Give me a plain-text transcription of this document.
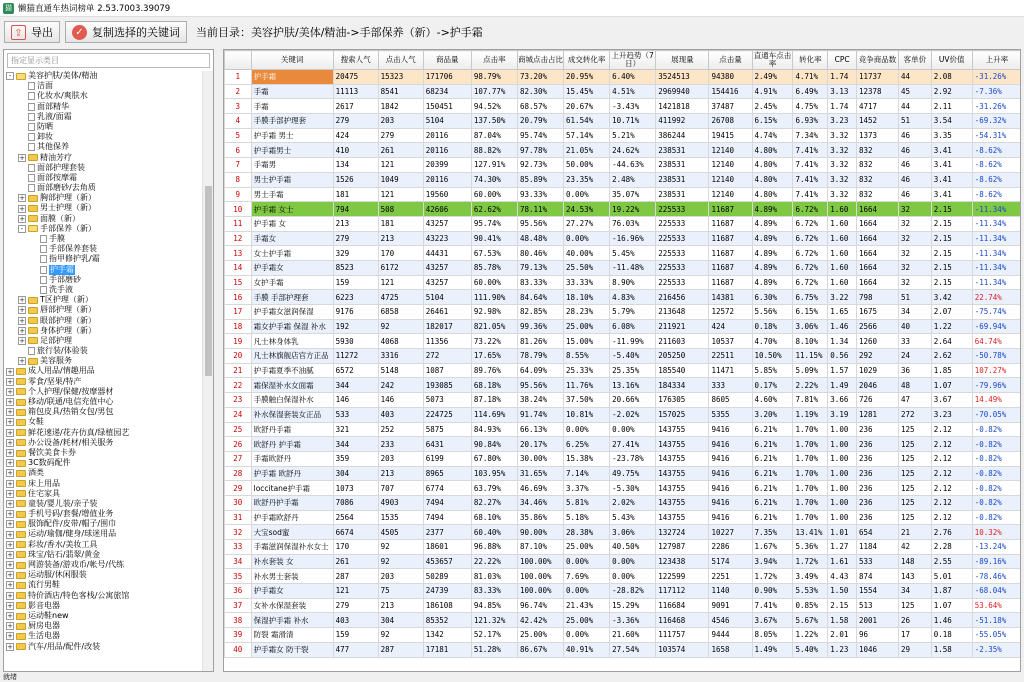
猫 懒猫直通车热词榜单 2.53.7003.39079
⇪ 导出	✓ 复制选择的关键词 当前目录：美容护肤/美体/精油->手部保养（新）->护手霜
指定显示类目
-	美容护肤/美体/精油
洁面
化妆水/爽肤水
面部精华
乳液/面霜
防晒
卸妆
其他保养
+ 精油芳疗
面部护理套装
面部按摩霜
面部磨砂/去角质
+ 胸部护理（新）
+ 男士护理（新）
+ 面膜（新）
-	手部保养（新）
手膜
手部保养套装
指甲修护乳/霜
护手霜
手部磨砂
洗手液
+ T区护理（新）
+ 唇部护理（新）
+ 眼部护理（新）
+ 身体护理（新）
+ 足部护理
旅行装/体验装
+ 美容服务
+ 成人用品/情趣用品
+ 零食/坚果/特产
+ 个人护理/保健/按摩器材
+ 移动/联通/电信充值中心
+ 箱包皮具/热销女包/男包
+ 女鞋
+ 鲜花速递/花卉仿真/绿植园艺
+ 办公设备/耗材/相关服务
+ 餐饮美食卡券
+ 3C数码配件
+ 酒类
+ 床上用品
+ 住宅家具
+ 童装/婴儿装/亲子装
+ 手机号码/套餐/增值业务
+ 服饰配件/皮带/帽子/围巾
+ 运动/瑜伽/健身/球迷用品
+ 彩妆/香水/美妆工具
+ 珠宝/钻石/翡翠/黄金
+ 网游装备/游戏币/帐号/代练
+ 运动服/休闲服装
+ 流行男鞋
+ 特价酒店/特色客栈/公寓旅馆
+ 影音电器
+ 运动鞋new
+ 厨房电器
+ 生活电器
+ 汽车/用品/配件/改装
	关键词	搜索人气	点击人气	商品量	点击率	商城点击占比	成交转化率	上升趋势（7日）	展现量	点击量	直通车点击率	转化率	CPC	竞争商品数	客单价	UV价值	上升率
1	护手霜	20475	15323	171706	98.79%	73.20%	20.95%	6.40%	3524513	94380	2.49%	4.71%	1.74	11737	44	2.08	-31.26%
2	手霜	11113	8541	68234	107.77%	82.30%	15.45%	4.51%	2969940	154416	4.91%	6.49%	3.13	12378	45	2.92	-7.36%
3	手霜	2617	1842	150451	94.52%	68.57%	20.67%	-3.43%	1421818	37487	2.45%	4.75%	1.74	4717	44	2.11	-31.26%
4	手膜手部护理套	279	203	5104	137.50%	20.79%	61.54%	10.71%	411992	26708	6.15%	6.93%	3.23	1452	51	3.54	-69.32%
5	护手霜 男士	424	279	20116	87.04%	95.74%	57.14%	5.21%	386244	19415	4.74%	7.34%	3.32	1373	46	3.35	-54.31%
6	护手霜男士	410	261	20116	88.82%	97.78%	21.05%	24.62%	238531	12140	4.80%	7.41%	3.32	832	46	3.41	-8.62%
7	手霜男	134	121	20399	127.91%	92.73%	50.00%	-44.63%	238531	12140	4.80%	7.41%	3.32	832	46	3.41	-8.62%
8	男士护手霜	1526	1049	20116	74.30%	85.89%	23.35%	2.48%	238531	12140	4.80%	7.41%	3.32	832	46	3.41	-8.62%
9	男士手霜	181	121	19560	60.00%	93.33%	0.00%	35.07%	238531	12140	4.80%	7.41%	3.32	832	46	3.41	-8.62%
10	护手霜 女士	794	508	42606	62.62%	78.11%	24.53%	19.22%	225533	11687	4.89%	6.72%	1.60	1664	32	2.15	-11.34%
11	护手霜 女	213	181	43257	95.74%	95.56%	27.27%	76.03%	225533	11687	4.89%	6.72%	1.60	1664	32	2.15	-11.34%
12	手霜女	279	213	43223	90.41%	48.48%	0.00%	-16.96%	225533	11687	4.89%	6.72%	1.60	1664	32	2.15	-11.34%
13	女士护手霜	329	170	44431	67.53%	80.46%	40.00%	5.45%	225533	11687	4.89%	6.72%	1.60	1664	32	2.15	-11.34%
14	护手霜女	8523	6172	43257	85.78%	79.13%	25.50%	-11.48%	225533	11687	4.89%	6.72%	1.60	1664	32	2.15	-11.34%
15	女护手霜	159	121	43257	60.00%	83.33%	33.33%	8.90%	225533	11687	4.89%	6.72%	1.60	1664	32	2.15	-11.34%
16	手膜 手部护理套	6223	4725	5104	111.90%	84.64%	18.10%	4.83%	216456	14381	6.30%	6.75%	3.22	798	51	3.42	22.74%
17	护手霜女滋润保湿	9176	6858	26461	92.98%	82.85%	28.23%	5.79%	213648	12572	5.56%	6.15%	1.65	1675	34	2.07	-75.74%
18	霜女护手霜 保湿 补水	192	92	182017	821.05%	99.36%	25.00%	6.08%	211921	424	0.18%	3.06%	1.46	2566	40	1.22	-69.94%
19	凡士林身体乳	5930	4068	11356	73.22%	81.26%	15.00%	-11.99%	211603	10537	4.70%	8.10%	1.34	1260	33	2.64	64.74%
20	凡士林旗舰店官方正品	11272	3316	272	17.65%	78.79%	8.55%	-5.40%	205250	22511	10.50%	11.15%	0.56	292	24	2.62	-50.78%
21	护手霜夏季不油腻	6572	5148	1087	89.76%	64.09%	25.33%	25.35%	185540	11471	5.85%	5.09%	1.57	1029	36	1.85	107.27%
22	霜保湿补水女面霜	344	242	193085	68.18%	95.56%	11.76%	13.16%	184334	333	0.17%	2.22%	1.49	2046	48	1.07	-79.96%
23	手膜触白保湿补水	146	146	5073	87.18%	38.24%	37.50%	20.66%	176305	8605	4.60%	7.81%	3.66	726	47	3.67	14.49%
24	补水保湿套装女正品	533	403	224725	114.69%	91.74%	10.81%	-2.02%	157025	5355	3.20%	1.19%	3.19	1281	272	3.23	-70.05%
25	欧舒丹手霜	321	252	5875	84.93%	66.13%	0.00%	0.00%	143755	9416	6.21%	1.70%	1.00	236	125	2.12	-0.82%
26	欧舒丹 护手霜	344	233	6431	90.84%	20.17%	6.25%	27.41%	143755	9416	6.21%	1.70%	1.00	236	125	2.12	-0.82%
27	手霜欧舒丹	359	203	6199	67.80%	30.00%	15.38%	-23.78%	143755	9416	6.21%	1.70%	1.00	236	125	2.12	-0.82%
28	护手霜 欧舒丹	304	213	8965	103.95%	31.65%	7.14%	49.75%	143755	9416	6.21%	1.70%	1.00	236	125	2.12	-0.82%
29	loccitane护手霜	1073	707	6774	63.79%	46.69%	3.37%	-5.30%	143755	9416	6.21%	1.70%	1.00	236	125	2.12	-0.82%
30	欧舒丹护手霜	7086	4903	7494	82.27%	34.46%	5.81%	2.02%	143755	9416	6.21%	1.70%	1.00	236	125	2.12	-0.82%
31	护手霜欧舒丹	2564	1535	7494	68.10%	35.86%	5.18%	5.43%	143755	9416	6.21%	1.70%	1.00	236	125	2.12	-0.82%
32	大宝sod蜜	6674	4505	2377	60.40%	90.00%	28.38%	3.06%	132724	10227	7.35%	13.41%	1.01	654	21	2.76	10.32%
33	手霜滋润保湿补水女士	170	92	18601	96.88%	87.10%	25.00%	40.50%	127987	2286	1.67%	5.36%	1.27	1184	42	2.28	-13.24%
34	补水套装 女	261	92	453657	22.22%	100.00%	0.00%	0.00%	123438	5174	3.94%	1.72%	1.61	533	148	2.55	-89.16%
35	补水男士套装	287	203	50289	81.03%	100.00%	7.69%	0.00%	122599	2251	1.72%	3.49%	4.43	874	143	5.01	-78.46%
36	护手霜女	121	75	24739	83.33%	100.00%	0.00%	-28.82%	117112	1140	0.90%	5.53%	1.50	1554	34	1.87	-68.04%
37	女补水保湿套装	279	213	186108	94.85%	96.74%	21.43%	15.29%	116684	9091	7.41%	0.85%	2.15	513	125	1.07	53.64%
38	保湿护手霜 补水	403	304	85352	121.32%	42.42%	25.00%	-3.36%	116468	4546	3.67%	5.67%	1.58	2001	26	1.46	-51.18%
39	防裂 霜滑清	159	92	1342	52.17%	25.00%	0.00%	21.60%	111757	9444	8.05%	1.22%	2.01	96	17	0.18	-55.05%
40	护手霜女 防干裂	477	287	17181	51.28%	86.67%	40.91%	27.54%	103574	1658	1.49%	5.40%	1.23	1046	29	1.58	-2.35%
就绪
